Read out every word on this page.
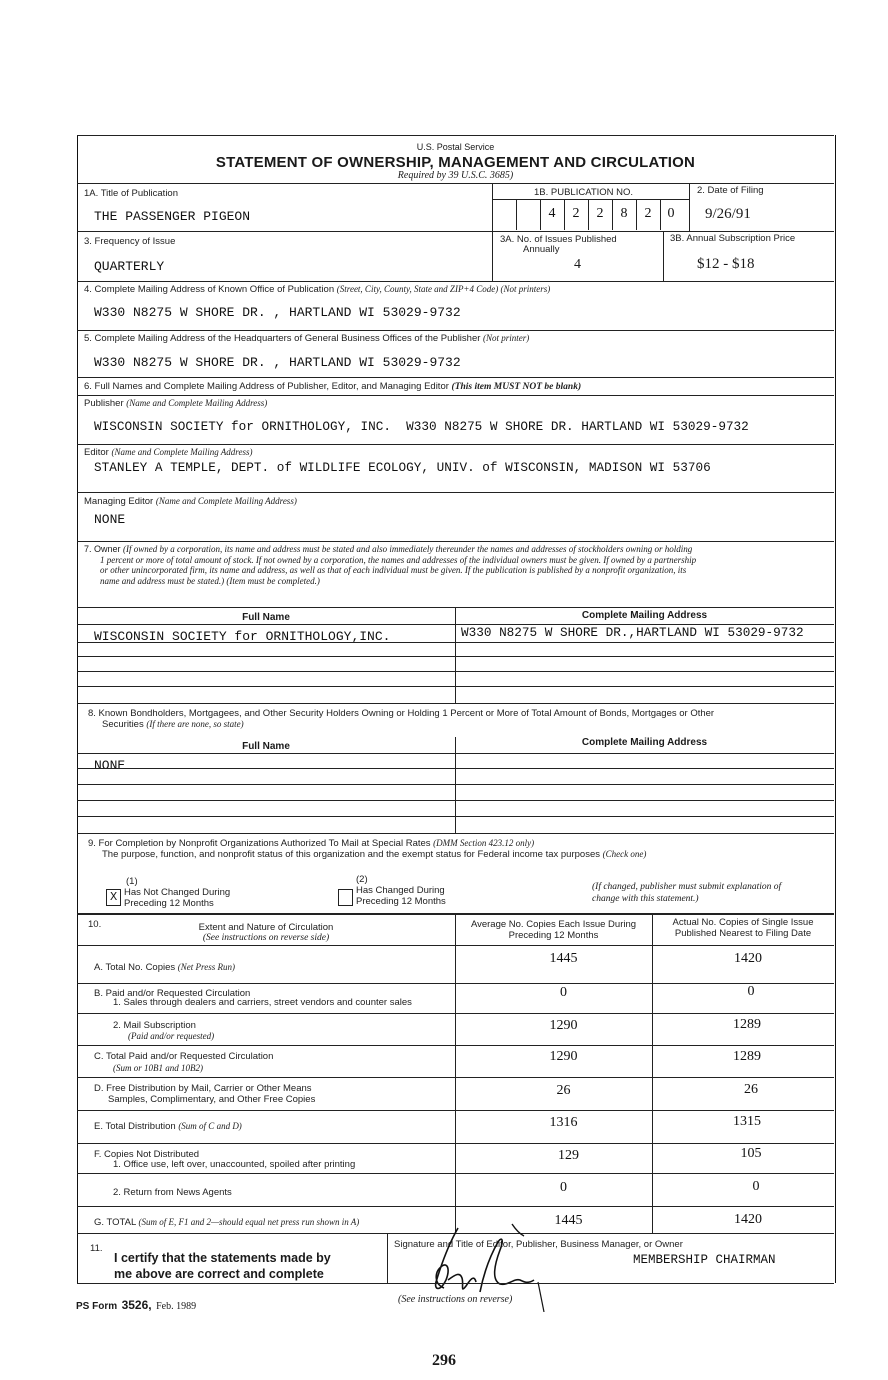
U.S. Postal Service
STATEMENT OF OWNERSHIP, MANAGEMENT AND CIRCULATION
Required by 39 U.S.C. 3685)
1A. Title of Publication
THE PASSENGER PIGEON
1B. PUBLICATION NO.
4	2	2	8	2	0
2. Date of Filing
9/26/91
3. Frequency of Issue
QUARTERLY
3A. No. of Issues Published
Annually
4
3B. Annual Subscription Price
$12 - $18
4. Complete Mailing Address of Known Office of Publication (Street, City, County, State and ZIP+4 Code) (Not printers)
W330 N8275 W SHORE DR. , HARTLAND WI 53029-9732
5. Complete Mailing Address of the Headquarters of General Business Offices of the Publisher (Not printer)
W330 N8275 W SHORE DR. , HARTLAND WI 53029-9732
6. Full Names and Complete Mailing Address of Publisher, Editor, and Managing Editor (This item MUST NOT be blank)
Publisher (Name and Complete Mailing Address)
WISCONSIN SOCIETY for ORNITHOLOGY, INC.  W330 N8275 W SHORE DR. HARTLAND WI 53029-9732
Editor (Name and Complete Mailing Address)
STANLEY A TEMPLE, DEPT. of WILDLIFE ECOLOGY, UNIV. of WISCONSIN, MADISON WI 53706
Managing Editor (Name and Complete Mailing Address)
NONE
7. Owner (If owned by a corporation, its name and address must be stated and also immediately thereunder the names and addresses of stockholders owning or holding
1 percent or more of total amount of stock. If not owned by a corporation, the names and addresses of the individual owners must be given. If owned by a partnership
or other unincorporated firm, its name and address, as well as that of each individual must be given. If the publication is published by a nonprofit organization, its
name and address must be stated.) (Item must be completed.)
Full Name	Complete Mailing Address
WISCONSIN SOCIETY for ORNITHOLOGY,INC.	W330 N8275 W SHORE DR.,HARTLAND WI 53029-9732
8. Known Bondholders, Mortgagees, and Other Security Holders Owning or Holding 1 Percent or More of Total Amount of Bonds, Mortgages or Other
Securities (If there are none, so state)
Full Name	Complete Mailing Address
NONE
9. For Completion by Nonprofit Organizations Authorized To Mail at Special Rates (DMM Section 423.12 only)
The purpose, function, and nonprofit status of this organization and the exempt status for Federal income tax purposes (Check one)
(1)
X Has Not Changed During
Preceding 12 Months
(2)
Has Changed During
Preceding 12 Months
(If changed, publisher must submit explanation of
change with this statement.)
10.	Extent and Nature of Circulation
(See instructions on reverse side)
Average No. Copies Each Issue During
Preceding 12 Months
Actual No. Copies of Single Issue
Published Nearest to Filing Date
A. Total No. Copies (Net Press Run)
1445	1420
B. Paid and/or Requested Circulation
1. Sales through dealers and carriers, street vendors and counter sales
0	0
2. Mail Subscription
(Paid and/or requested)
1290	1289
C. Total Paid and/or Requested Circulation
(Sum or 10B1 and 10B2)
1290	1289
D. Free Distribution by Mail, Carrier or Other Means
Samples, Complimentary, and Other Free Copies
26	26
E. Total Distribution (Sum of C and D)	1316	1315
F. Copies Not Distributed
1. Office use, left over, unaccounted, spoiled after printing
129	105
2. Return from News Agents	0	0
G. TOTAL (Sum of E, F1 and 2—should equal net press run shown in A)	1445	1420
11.
I certify that the statements made by
me above are correct and complete
Signature and Title of Editor, Publisher, Business Manager, or Owner
MEMBERSHIP CHAIRMAN
PS Form 3526, Feb. 1989
(See instructions on reverse)
296
